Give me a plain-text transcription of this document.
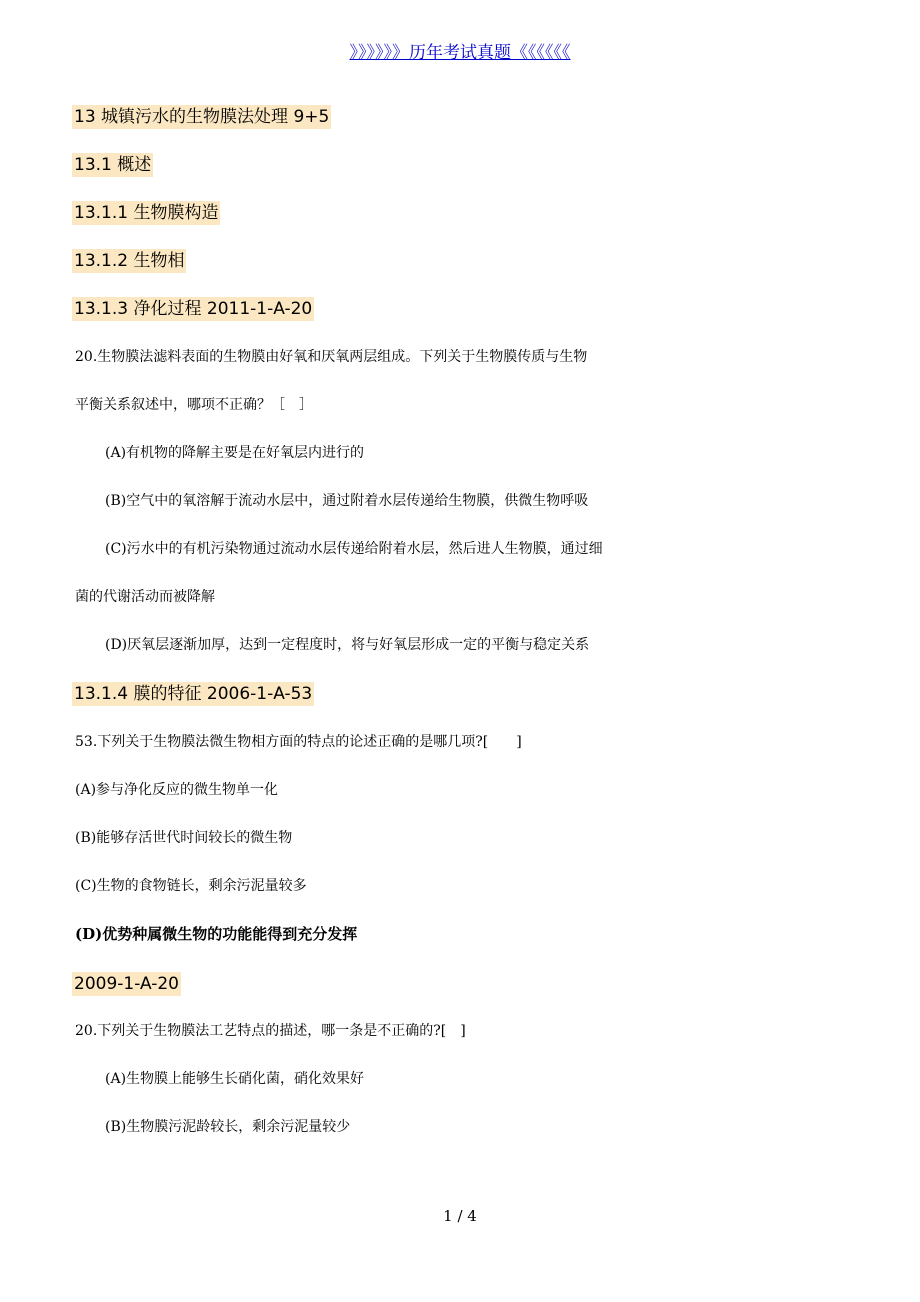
》》》》》》历年考试真题《《《《《《
13 城镇污水的生物膜法处理 9+5
13.1 概述
13.1.1 生物膜构造
13.1.2 生物相
13.1.3 净化过程 2011-1-A-20
20.生物膜法滤料表面的生物膜由好氧和厌氧两层组成。下列关于生物膜传质与生物
平衡关系叙述中，哪项不正确？［　］
(A)有机物的降解主要是在好氧层内进行的
(B)空气中的氧溶解于流动水层中，通过附着水层传递给生物膜，供微生物呼吸
(C)污水中的有机污染物通过流动水层传递给附着水层，然后进人生物膜，通过细
菌的代谢活动而被降解
(D)厌氧层逐渐加厚，达到一定程度时，将与好氧层形成一定的平衡与稳定关系
13.1.4 膜的特征 2006-1-A-53
53.下列关于生物膜法微生物相方面的特点的论述正确的是哪几项?[　　]
(A)参与净化反应的微生物单一化
(B)能够存活世代时间较长的微生物
(C)生物的食物链长，剩余污泥量较多
(D)优势种属微生物的功能能得到充分发挥
2009-1-A-20
20.下列关于生物膜法工艺特点的描述，哪一条是不正确的?[　]
(A)生物膜上能够生长硝化菌，硝化效果好
(B)生物膜污泥龄较长，剩余污泥量较少
1 / 4
